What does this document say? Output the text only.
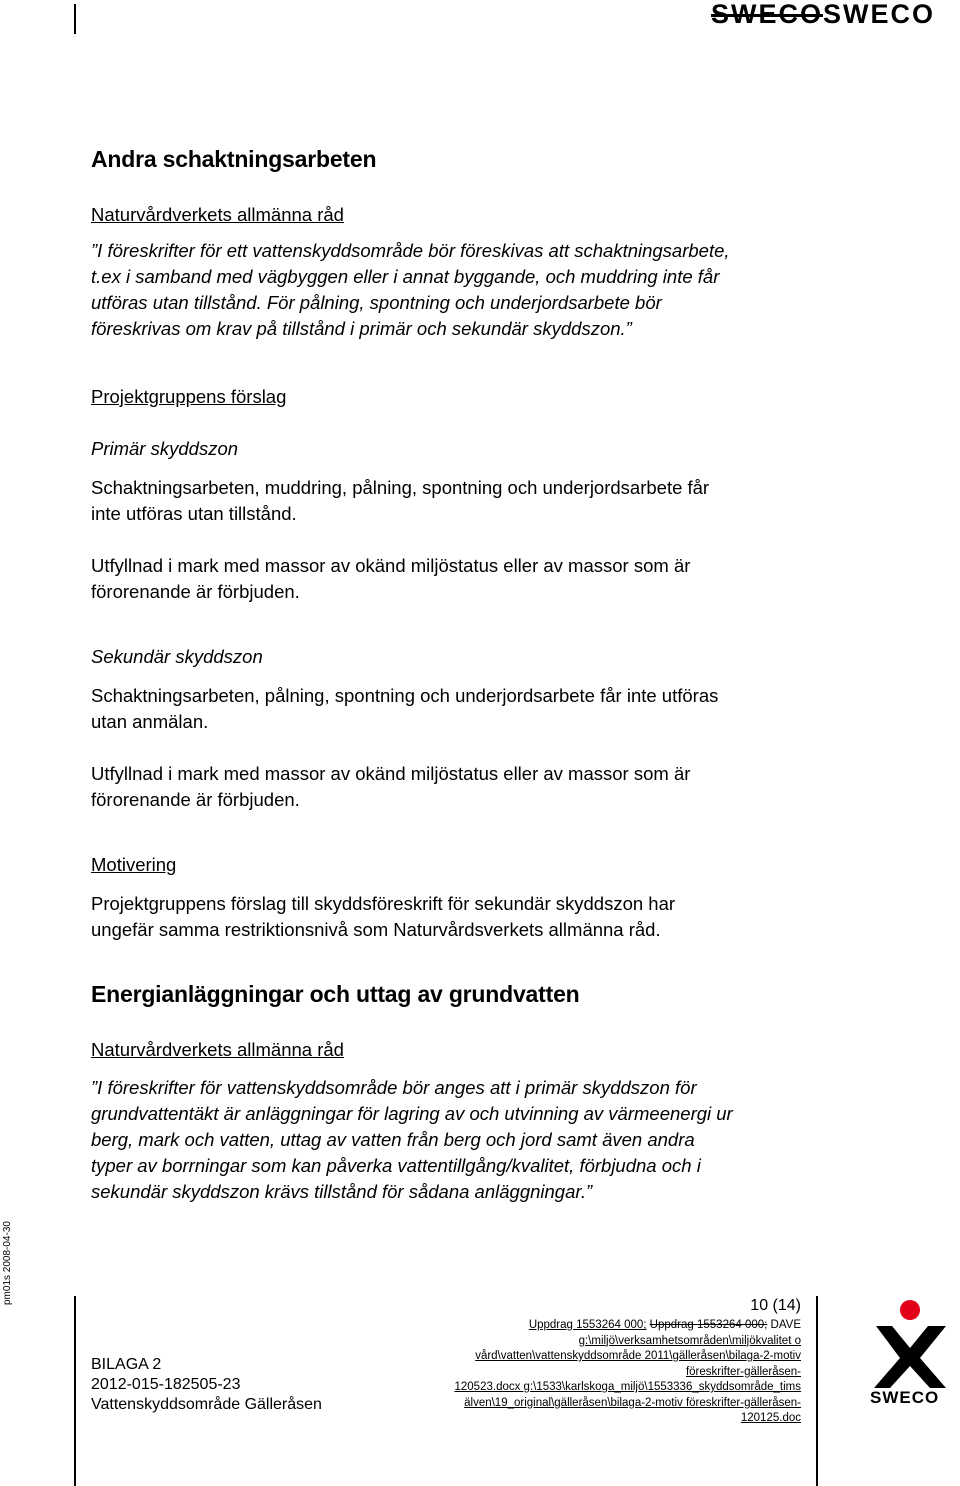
SWECOSWECO
Andra schaktningsarbeten
Naturvårdverkets allmänna råd
”I föreskrifter för ett vattenskyddsområde bör föreskivas att schaktningsarbete,
t.ex i samband med vägbyggen eller i annat byggande, och muddring inte får
utföras utan tillstånd. För pålning, spontning och underjordsarbete bör
föreskrivas om krav på tillstånd i primär och sekundär skyddszon.”
Projektgruppens förslag
Primär skyddszon
Schaktningsarbeten, muddring, pålning, spontning och underjordsarbete får
inte utföras utan tillstånd.
Utfyllnad i mark med massor av okänd miljöstatus eller av massor som är
förorenande är förbjuden.
Sekundär skyddszon
Schaktningsarbeten, pålning, spontning och underjordsarbete får inte utföras
utan anmälan.
Utfyllnad i mark med massor av okänd miljöstatus eller av massor som är
förorenande är förbjuden.
Motivering
Projektgruppens förslag till skyddsföreskrift för sekundär skyddszon har
ungefär samma restriktionsnivå som Naturvårdsverkets allmänna råd.
Energianläggningar och uttag av grundvatten
Naturvårdverkets allmänna råd
”I föreskrifter för vattenskyddsområde bör anges att i primär skyddszon för
grundvattentäkt är anläggningar för lagring av och utvinning av värmeenergi ur
berg, mark och vatten, uttag av vatten från berg och jord samt även andra
typer av borrningar som kan påverka vattentillgång/kvalitet, förbjudna och i
sekundär skyddszon krävs tillstånd för sådana anläggningar.”
pm01s 2008-04-30
10 (14)
BILAGA 2
2012-015-182505-23
Vattenskyddsområde Gälleråsen
Uppdrag 1553264 000; Uppdrag 1553264 000; DAVE
g:\miljö\verksamhetsområden\miljökvalitet o
vård\vatten\vattenskyddsområde 2011\gälleråsen\bilaga-2-motiv
föreskrifter-gälleråsen-
120523.docx g:\1533\karlskoga_miljö\1553336_skyddsområde_tims
älven\19_original\gälleråsen\bilaga-2-motiv föreskrifter-gälleråsen-
120125.doc
SWECO
